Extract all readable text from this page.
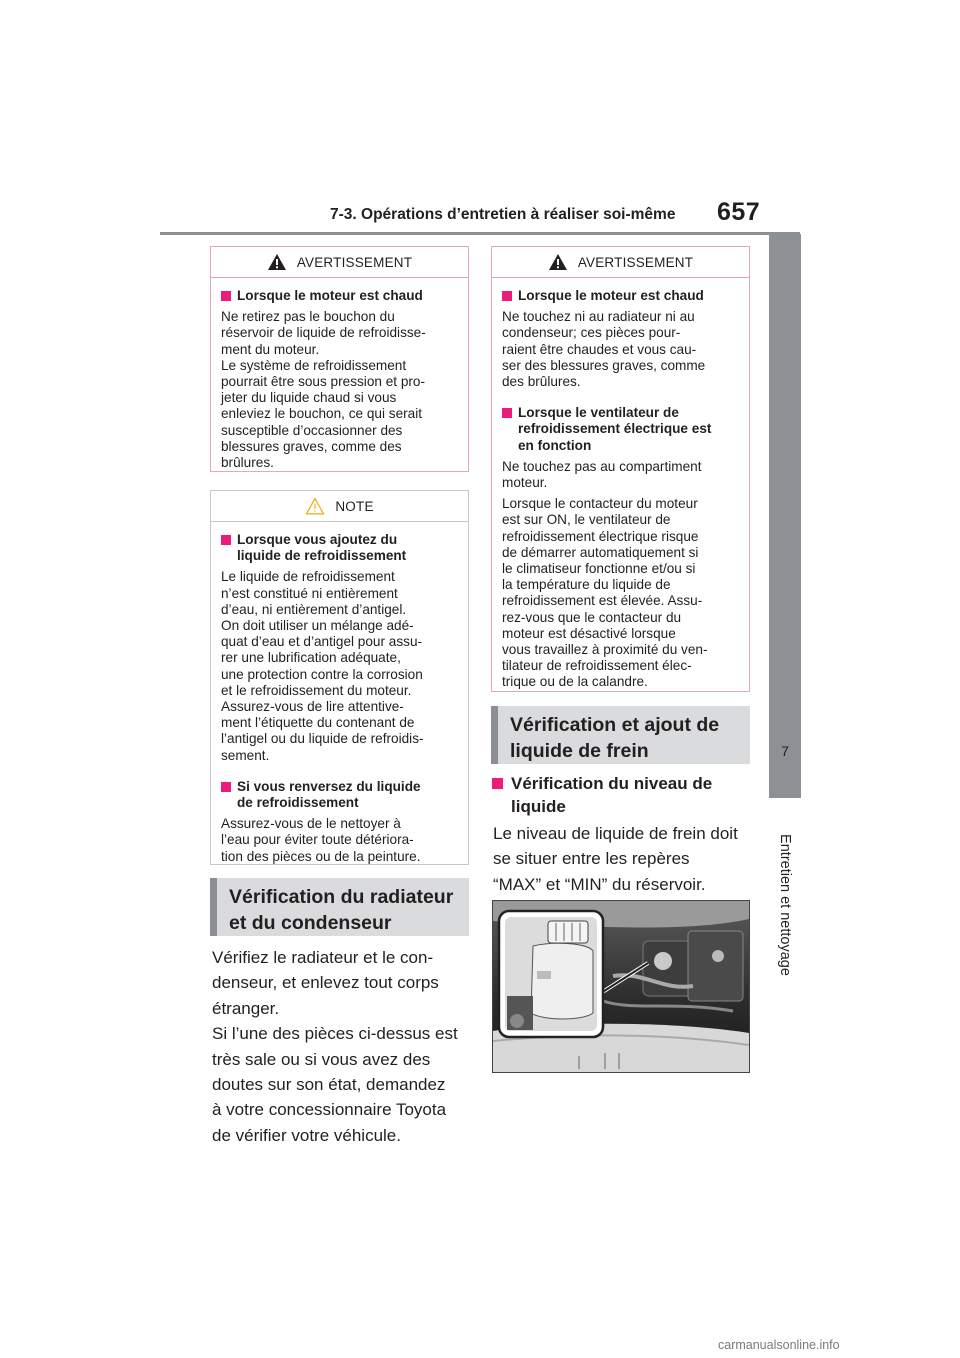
7-3. Opérations d’entretien à réaliser soi-même 657
7
Entretien et nettoyage
AVERTISSEMENT
Lorsque le moteur est chaud
Ne retirez pas le bouchon du
réservoir de liquide de refroidisse-
ment du moteur.
Le système de refroidissement
pourrait être sous pression et pro-
jeter du liquide chaud si vous
enleviez le bouchon, ce qui serait
susceptible d’occasionner des
blessures graves, comme des
brûlures.
NOTE
Lorsque vous ajoutez du
liquide de refroidissement
Le liquide de refroidissement
n’est constitué ni entièrement
d’eau, ni entièrement d’antigel.
On doit utiliser un mélange adé-
quat d’eau et d’antigel pour assu-
rer une lubrification adéquate,
une protection contre la corrosion
et le refroidissement du moteur.
Assurez-vous de lire attentive-
ment l’étiquette du contenant de
l’antigel ou du liquide de refroidis-
sement.
Si vous renversez du liquide
de refroidissement
Assurez-vous de le nettoyer à
l’eau pour éviter toute détériora-
tion des pièces ou de la peinture.
Vérification du radiateur
et du condenseur
Vérifiez le radiateur et le con-
denseur, et enlevez tout corps
étranger.
Si l’une des pièces ci-dessus est
très sale ou si vous avez des
doutes sur son état, demandez
à votre concessionnaire Toyota
de vérifier votre véhicule.
AVERTISSEMENT
Lorsque le moteur est chaud
Ne touchez ni au radiateur ni au
condenseur; ces pièces pour-
raient être chaudes et vous cau-
ser des blessures graves, comme
des brûlures.
Lorsque le ventilateur de
refroidissement électrique est
en fonction
Ne touchez pas au compartiment
moteur.
Lorsque le contacteur du moteur
est sur ON, le ventilateur de
refroidissement électrique risque
de démarrer automatiquement si
le climatiseur fonctionne et/ou si
la température du liquide de
refroidissement est élevée. Assu-
rez-vous que le contacteur du
moteur est désactivé lorsque
vous travaillez à proximité du ven-
tilateur de refroidissement élec-
trique ou de la calandre.
Vérification et ajout de
liquide de frein
Vérification du niveau de
liquide
Le niveau de liquide de frein doit
se situer entre les repères
“MAX” et “MIN” du réservoir.
carmanualsonline.info
